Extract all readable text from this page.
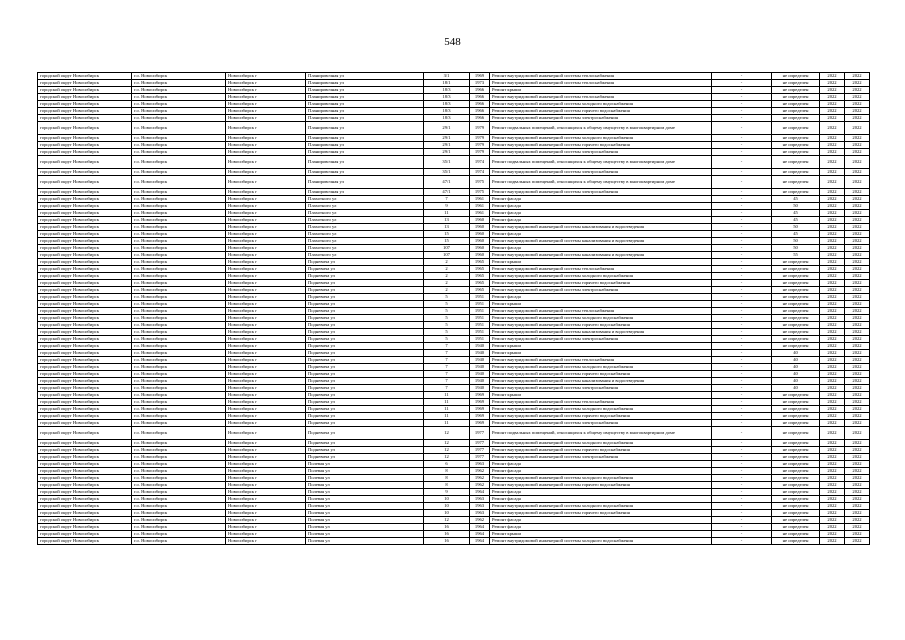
548
городской округ Новосибирск	г.о. Новосибирск	Новосибирск г	Планировочная ул	3/1	1969	Ремонт внутридомовой инженерной системы теплоснабжения	-	не определен	2022	2022
городской округ Новосибирск	г.о. Новосибирск	Новосибирск г	Планировочная ул	18/1	1973	Ремонт внутридомовой инженерной системы теплоснабжения	-	не определен	2022	2022
городской округ Новосибирск	г.о. Новосибирск	Новосибирск г	Планировочная ул	18/3	1966	Ремонт крыши	-	не определен	2022	2022
городской округ Новосибирск	г.о. Новосибирск	Новосибирск г	Планировочная ул	18/3	1966	Ремонт внутридомовой инженерной системы теплоснабжения	-	не определен	2022	2022
городской округ Новосибирск	г.о. Новосибирск	Новосибирск г	Планировочная ул	18/3	1966	Ремонт внутридомовой инженерной системы холодного водоснабжения	-	не определен	2022	2022
городской округ Новосибирск	г.о. Новосибирск	Новосибирск г	Планировочная ул	18/3	1966	Ремонт внутридомовой инженерной системы горячего водоснабжения	-	не определен	2022	2022
городской округ Новосибирск	г.о. Новосибирск	Новосибирск г	Планировочная ул	18/3	1966	Ремонт внутридомовой инженерной системы электроснабжения	-	не определен	2022	2022
городской округ Новосибирск	г.о. Новосибирск	Новосибирск г	Планировочная ул	29/1	1979	Ремонт подвальных помещений, относящихся к общему имуществу в многоквартирном доме	-	не определен	2022	2022
городской округ Новосибирск	г.о. Новосибирск	Новосибирск г	Планировочная ул	29/1	1979	Ремонт внутридомовой инженерной системы холодного водоснабжения	-	не определен	2022	2022
городской округ Новосибирск	г.о. Новосибирск	Новосибирск г	Планировочная ул	29/1	1979	Ремонт внутридомовой инженерной системы горячего водоснабжения	-	не определен	2022	2022
городской округ Новосибирск	г.о. Новосибирск	Новосибирск г	Планировочная ул	29/1	1979	Ремонт внутридомовой инженерной системы электроснабжения	-	не определен	2022	2022
городской округ Новосибирск	г.о. Новосибирск	Новосибирск г	Планировочная ул	35/1	1974	Ремонт подвальных помещений, относящихся к общему имуществу в многоквартирном доме	-	не определен	2022	2022
городской округ Новосибирск	г.о. Новосибирск	Новосибирск г	Планировочная ул	35/1	1974	Ремонт внутридомовой инженерной системы электроснабжения	-	не определен	2022	2022
городской округ Новосибирск	г.о. Новосибирск	Новосибирск г	Планировочная ул	47/1	1975	Ремонт подвальных помещений, относящихся к общему имуществу в многоквартирном доме	-	не определен	2022	2022
городской округ Новосибирск	г.о. Новосибирск	Новосибирск г	Планировочная ул	47/1	1975	Ремонт внутридомовой инженерной системы электроснабжения	-	не определен	2022	2022
городской округ Новосибирск	г.о. Новосибирск	Новосибирск г	Плахотного ул	7	1961	Ремонт фасада	-	45	2022	2022
городской округ Новосибирск	г.о. Новосибирск	Новосибирск г	Плахотного ул	9	1961	Ремонт фасада	-	50	2022	2022
городской округ Новосибирск	г.о. Новосибирск	Новосибирск г	Плахотного ул	11	1961	Ремонт фасада	-	45	2022	2022
городской округ Новосибирск	г.о. Новосибирск	Новосибирск г	Плахотного ул	13	1960	Ремонт фасада	-	45	2022	2022
городской округ Новосибирск	г.о. Новосибирск	Новосибирск г	Плахотного ул	13	1960	Ремонт внутридомовой инженерной системы канализования и водоотведения	-	50	2022	2022
городской округ Новосибирск	г.о. Новосибирск	Новосибирск г	Плахотного ул	15	1960	Ремонт фасада	-	45	2022	2022
городской округ Новосибирск	г.о. Новосибирск	Новосибирск г	Плахотного ул	15	1960	Ремонт внутридомовой инженерной системы канализования и водоотведения	-	50	2022	2022
городской округ Новосибирск	г.о. Новосибирск	Новосибирск г	Плахотного ул	107	1960	Ремонт фасада	-	50	2022	2022
городской округ Новосибирск	г.о. Новосибирск	Новосибирск г	Плахотного ул	107	1960	Ремонт внутридомовой инженерной системы канализования и водоотведения	-	55	2022	2022
городской округ Новосибирск	г.о. Новосибирск	Новосибирск г	Подневича ул	2	1965	Ремонт крыши	-	не определен	2022	2022
городской округ Новосибирск	г.о. Новосибирск	Новосибирск г	Подневича ул	2	1965	Ремонт внутридомовой инженерной системы теплоснабжения	-	не определен	2022	2022
городской округ Новосибирск	г.о. Новосибирск	Новосибирск г	Подневича ул	2	1965	Ремонт внутридомовой инженерной системы холодного водоснабжения	-	не определен	2022	2022
городской округ Новосибирск	г.о. Новосибирск	Новосибирск г	Подневича ул	2	1965	Ремонт внутридомовой инженерной системы горячего водоснабжения	-	не определен	2022	2022
городской округ Новосибирск	г.о. Новосибирск	Новосибирск г	Подневича ул	2	1965	Ремонт внутридомовой инженерной системы электроснабжения	-	не определен	2022	2022
городской округ Новосибирск	г.о. Новосибирск	Новосибирск г	Подневича ул	5	1951	Ремонт фасада	-	не определен	2022	2022
городской округ Новосибирск	г.о. Новосибирск	Новосибирск г	Подневича ул	5	1951	Ремонт крыши	-	не определен	2022	2022
городской округ Новосибирск	г.о. Новосибирск	Новосибирск г	Подневича ул	5	1951	Ремонт внутридомовой инженерной системы теплоснабжения	-	не определен	2022	2022
городской округ Новосибирск	г.о. Новосибирск	Новосибирск г	Подневича ул	5	1951	Ремонт внутридомовой инженерной системы холодного водоснабжения	-	не определен	2022	2022
городской округ Новосибирск	г.о. Новосибирск	Новосибирск г	Подневича ул	5	1951	Ремонт внутридомовой инженерной системы горячего водоснабжения	-	не определен	2022	2022
городской округ Новосибирск	г.о. Новосибирск	Новосибирск г	Подневича ул	5	1951	Ремонт внутридомовой инженерной системы канализования и водоотведения	-	не определен	2022	2022
городской округ Новосибирск	г.о. Новосибирск	Новосибирск г	Подневича ул	5	1951	Ремонт внутридомовой инженерной системы электроснабжения	-	не определен	2022	2022
городской округ Новосибирск	г.о. Новосибирск	Новосибирск г	Подневича ул	7	1940	Ремонт крыши	-	не определен	2022	2022
городской округ Новосибирск	г.о. Новосибирск	Новосибирск г	Подневича ул	7	1940	Ремонт крыши	-	40	2022	2022
городской округ Новосибирск	г.о. Новосибирск	Новосибирск г	Подневича ул	7	1940	Ремонт внутридомовой инженерной системы теплоснабжения	-	40	2022	2022
городской округ Новосибирск	г.о. Новосибирск	Новосибирск г	Подневича ул	7	1940	Ремонт внутридомовой инженерной системы холодного водоснабжения	-	40	2022	2022
городской округ Новосибирск	г.о. Новосибирск	Новосибирск г	Подневича ул	7	1940	Ремонт внутридомовой инженерной системы горячего водоснабжения	-	40	2022	2022
городской округ Новосибирск	г.о. Новосибирск	Новосибирск г	Подневича ул	7	1940	Ремонт внутридомовой инженерной системы канализования и водоотведения	-	40	2022	2022
городской округ Новосибирск	г.о. Новосибирск	Новосибирск г	Подневича ул	7	1940	Ремонт внутридомовой инженерной системы электроснабжения	-	40	2022	2022
городской округ Новосибирск	г.о. Новосибирск	Новосибирск г	Подневича ул	11	1969	Ремонт крыши	-	не определен	2022	2022
городской округ Новосибирск	г.о. Новосибирск	Новосибирск г	Подневича ул	11	1969	Ремонт внутридомовой инженерной системы теплоснабжения	-	не определен	2022	2022
городской округ Новосибирск	г.о. Новосибирск	Новосибирск г	Подневича ул	11	1969	Ремонт внутридомовой инженерной системы холодного водоснабжения	-	не определен	2022	2022
городской округ Новосибирск	г.о. Новосибирск	Новосибирск г	Подневича ул	11	1969	Ремонт внутридомовой инженерной системы горячего водоснабжения	-	не определен	2022	2022
городской округ Новосибирск	г.о. Новосибирск	Новосибирск г	Подневича ул	11	1969	Ремонт внутридомовой инженерной системы электроснабжения	-	не определен	2022	2022
городской округ Новосибирск	г.о. Новосибирск	Новосибирск г	Подневича ул	12	1977	Ремонт подвальных помещений, относящихся к общему имуществу в многоквартирном доме	-	не определен	2022	2022
городской округ Новосибирск	г.о. Новосибирск	Новосибирск г	Подневича ул	12	1977	Ремонт внутридомовой инженерной системы холодного водоснабжения	-	не определен	2022	2022
городской округ Новосибирск	г.о. Новосибирск	Новосибирск г	Подневича ул	12	1977	Ремонт внутридомовой инженерной системы горячего водоснабжения	-	не определен	2022	2022
городской округ Новосибирск	г.о. Новосибирск	Новосибирск г	Подневича ул	12	1977	Ремонт внутридомовой инженерной системы электроснабжения	-	не определен	2022	2022
городской округ Новосибирск	г.о. Новосибирск	Новосибирск г	Полевая ул	6	1963	Ремонт фасада	-	не определен	2022	2022
городской округ Новосибирск	г.о. Новосибирск	Новосибирск г	Полевая ул	8	1962	Ремонт фасада	-	не определен	2022	2022
городской округ Новосибирск	г.о. Новосибирск	Новосибирск г	Полевая ул	8	1962	Ремонт внутридомовой инженерной системы холодного водоснабжения	-	не определен	2022	2022
городской округ Новосибирск	г.о. Новосибирск	Новосибирск г	Полевая ул	8	1962	Ремонт внутридомовой инженерной системы горячего водоснабжения	-	не определен	2022	2022
городской округ Новосибирск	г.о. Новосибирск	Новосибирск г	Полевая ул	9	1964	Ремонт фасада	-	не определен	2022	2022
городской округ Новосибирск	г.о. Новосибирск	Новосибирск г	Полевая ул	10	1963	Ремонт фасада	-	не определен	2022	2022
городской округ Новосибирск	г.о. Новосибирск	Новосибирск г	Полевая ул	10	1963	Ремонт внутридомовой инженерной системы холодного водоснабжения	-	не определен	2022	2022
городской округ Новосибирск	г.о. Новосибирск	Новосибирск г	Полевая ул	10	1963	Ремонт внутридомовой инженерной системы горячего водоснабжения	-	не определен	2022	2022
городской округ Новосибирск	г.о. Новосибирск	Новосибирск г	Полевая ул	12	1962	Ремонт фасада	-	не определен	2022	2022
городской округ Новосибирск	г.о. Новосибирск	Новосибирск г	Полевая ул	16	1964	Ремонт фасада	-	не определен	2022	2022
городской округ Новосибирск	г.о. Новосибирск	Новосибирск г	Полевая ул	16	1964	Ремонт крыши	-	не определен	2022	2022
городской округ Новосибирск	г.о. Новосибирск	Новосибирск г	Полевая ул	16	1964	Ремонт внутридомовой инженерной системы холодного водоснабжения	-	не определен	2022	2022
